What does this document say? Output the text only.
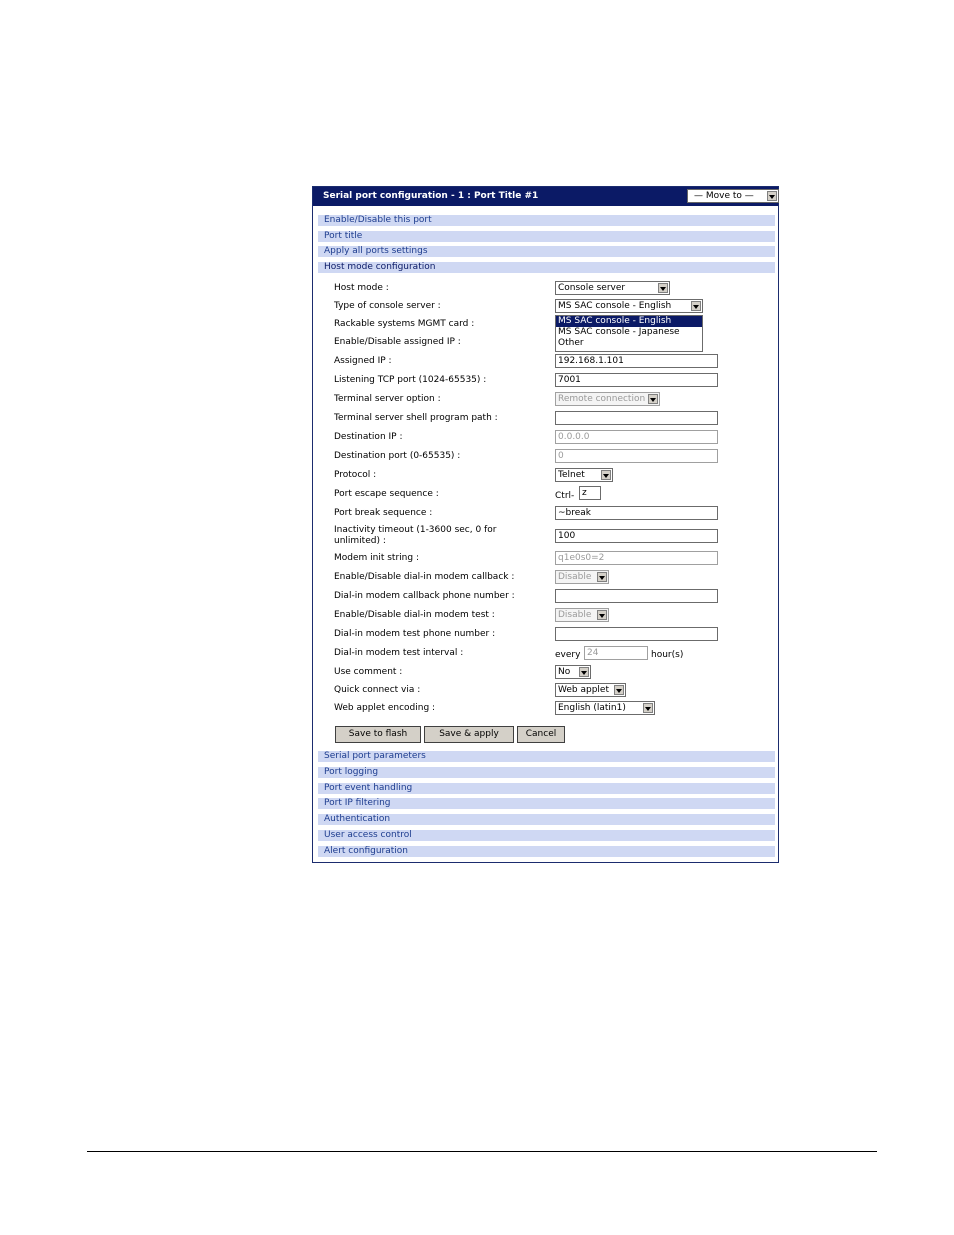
Serial port configuration - 1 : Port Title #1	— Move to —
Enable/Disable this port
Port title
Apply all ports settings
Host mode configuration
Host mode :	Console server
Type of console server :	MS SAC console - English
MS SAC console - English
MS SAC console - Japanese
Other
Rackable systems MGMT card :
Enable/Disable assigned IP :
Assigned IP :	192.168.1.101
Listening TCP port (1024-65535) :	7001
Terminal server option :	Remote connection
Terminal server shell program path :
Destination IP :	0.0.0.0
Destination port (0-65535) :	0
Protocol :	Telnet
Port escape sequence :	Ctrl- z
Port break sequence :	~break
Inactivity timeout (1-3600 sec, 0 for unlimited) :	100
Modem init string :	q1e0s0=2
Enable/Disable dial-in modem callback :	Disable
Dial-in modem callback phone number :
Enable/Disable dial-in modem test :	Disable
Dial-in modem test phone number :
Dial-in modem test interval :	every 24	hour(s)
Use comment :	No
Quick connect via :	Web applet
Web applet encoding :	English (latin1)
Save to flash	Save & apply	Cancel
Serial port parameters
Port logging
Port event handling
Port IP filtering
Authentication
User access control
Alert configuration
